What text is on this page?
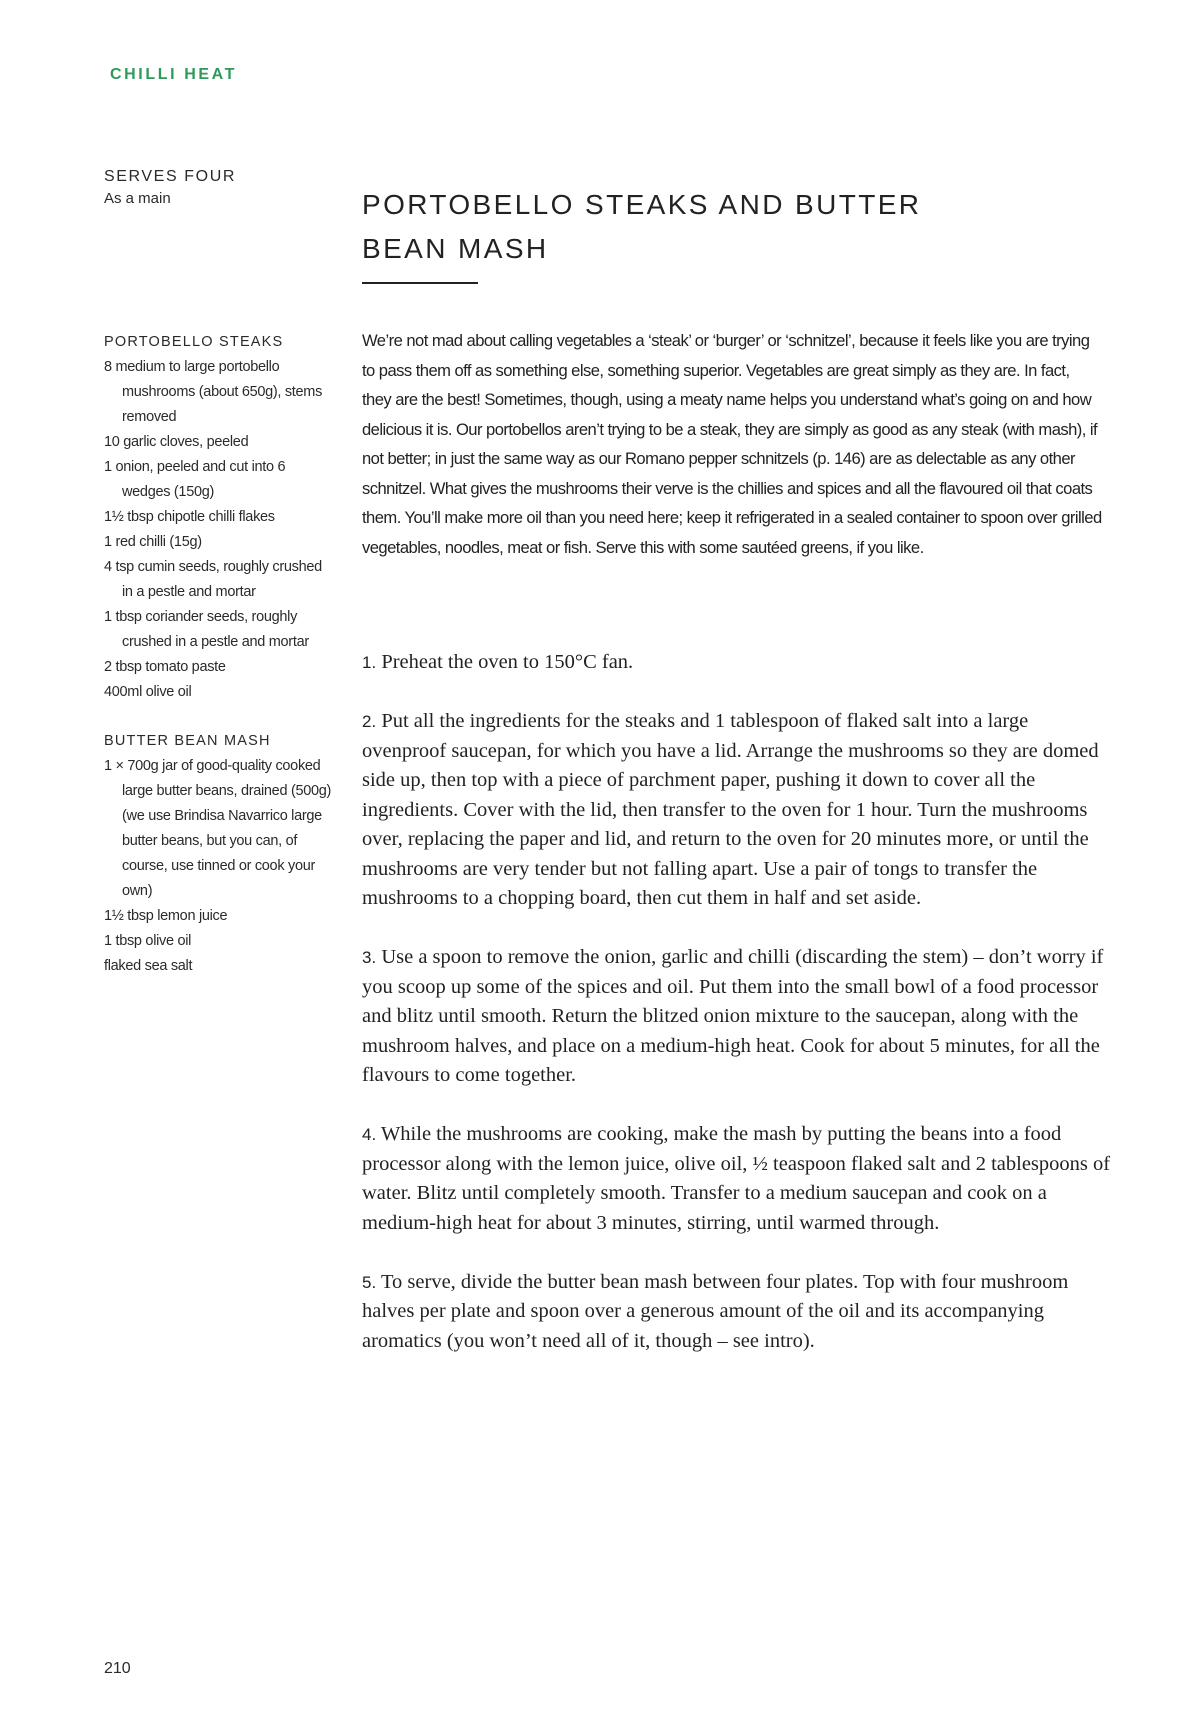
CHILLI HEAT
SERVES FOUR
As a main	PORTOBELLO STEAKS AND BUTTER BEAN MASH
PORTOBELLO STEAKS
8 medium to large portobello mushrooms (about 650g), stems removed
10 garlic cloves, peeled
1 onion, peeled and cut into 6 wedges (150g)
1½ tbsp chipotle chilli flakes
1 red chilli (15g)
4 tsp cumin seeds, roughly crushed in a pestle and mortar
1 tbsp coriander seeds, roughly crushed in a pestle and mortar
2 tbsp tomato paste
400ml olive oil
BUTTER BEAN MASH
1 × 700g jar of good-quality cooked large butter beans, drained (500g) (we use Brindisa Navarrico large butter beans, but you can, of course, use tinned or cook your own)
1½ tbsp lemon juice
1 tbsp olive oil
flaked sea salt

We’re not mad about calling vegetables a ‘steak’ or ‘burger’ or ‘schnitzel’, because it feels like you are trying to pass them off as something else, something superior. Vegetables are great simply as they are. In fact, they are the best! Sometimes, though, using a meaty name helps you understand what’s going on and how delicious it is. Our portobellos aren’t trying to be a steak, they are simply as good as any steak (with mash), if not better; in just the same way as our Romano pepper schnitzels (p. 146) are as delectable as any other schnitzel. What gives the mushrooms their verve is the chillies and spices and all the flavoured oil that coats them. You’ll make more oil than you need here; keep it refrigerated in a sealed container to spoon over grilled vegetables, noodles, meat or fish. Serve this with some sautéed greens, if you like.

1. Preheat the oven to 150°C fan.

2. Put all the ingredients for the steaks and 1 tablespoon of flaked salt into a large ovenproof saucepan, for which you have a lid. Arrange the mushrooms so they are domed side up, then top with a piece of parchment paper, pushing it down to cover all the ingredients. Cover with the lid, then transfer to the oven for 1 hour. Turn the mushrooms over, replacing the paper and lid, and return to the oven for 20 minutes more, or until the mushrooms are very tender but not falling apart. Use a pair of tongs to transfer the mushrooms to a chopping board, then cut them in half and set aside.

3. Use a spoon to remove the onion, garlic and chilli (discarding the stem) – don’t worry if you scoop up some of the spices and oil. Put them into the small bowl of a food processor and blitz until smooth. Return the blitzed onion mixture to the saucepan, along with the mushroom halves, and place on a medium-high heat. Cook for about 5 minutes, for all the flavours to come together.

4. While the mushrooms are cooking, make the mash by putting the beans into a food processor along with the lemon juice, olive oil, ½ teaspoon flaked salt and 2 tablespoons of water. Blitz until completely smooth. Transfer to a medium saucepan and cook on a medium-high heat for about 3 minutes, stirring, until warmed through.

5. To serve, divide the butter bean mash between four plates. Top with four mushroom halves per plate and spoon over a generous amount of the oil and its accompanying aromatics (you won’t need all of it, though – see intro).

210
